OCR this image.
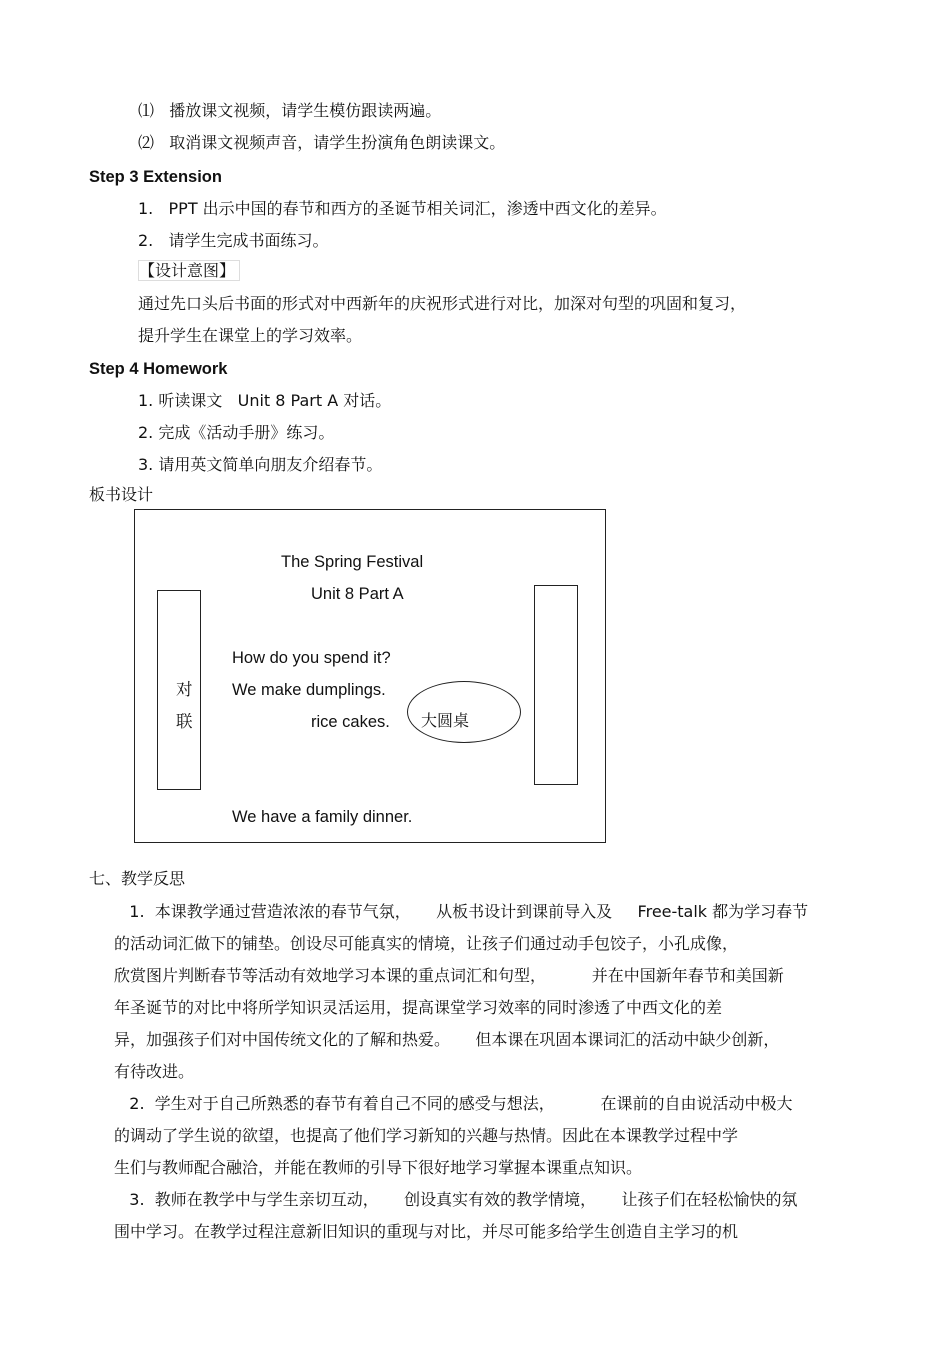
⑴ 播放课文视频，请学生模仿跟读两遍。
⑵ 取消课文视频声音，请学生扮演角色朗读课文。
Step 3 Extension
1.   PPT 出示中国的春节和西方的圣诞节相关词汇，渗透中西文化的差异。
2.   请学生完成书面练习。
【设计意图】
通过先口头后书面的形式对中西新年的庆祝形式进行对比，加深对句型的巩固和复习，
提升学生在课堂上的学习效率。
Step 4 Homework
1. 听读课文   Unit 8 Part A 对话。
2. 完成《活动手册》练习。
3. 请用英文简单向朋友介绍春节。
板书设计
The Spring Festival
Unit 8 Part A
对
联
How do you spend it?
We make dumplings.
rice cakes. 大圆桌
We have a family dinner.
七、教学反思
1.  本课教学通过营造浓浓的春节气氛，     从板书设计到课前导入及     Free-talk 都为学习春节
的活动词汇做下的铺垫。创设尽可能真实的情境，让孩子们通过动手包饺子，小孔成像，
欣赏图片判断春节等活动有效地学习本课的重点词汇和句型，         并在中国新年春节和美国新
年圣诞节的对比中将所学知识灵活运用，提高课堂学习效率的同时渗透了中西文化的差
异，加强孩子们对中国传统文化的了解和热爱。     但本课在巩固本课词汇的活动中缺少创新，
有待改进。
2.  学生对于自己所熟悉的春节有着自己不同的感受与想法，         在课前的自由说活动中极大
的调动了学生说的欲望，也提高了他们学习新知的兴趣与热情。因此在本课教学过程中学
生们与教师配合融洽，并能在教师的引导下很好地学习掌握本课重点知识。
3.  教师在教学中与学生亲切互动，     创设真实有效的教学情境，     让孩子们在轻松愉快的氛
围中学习。在教学过程注意新旧知识的重现与对比，并尽可能多给学生创造自主学习的机
